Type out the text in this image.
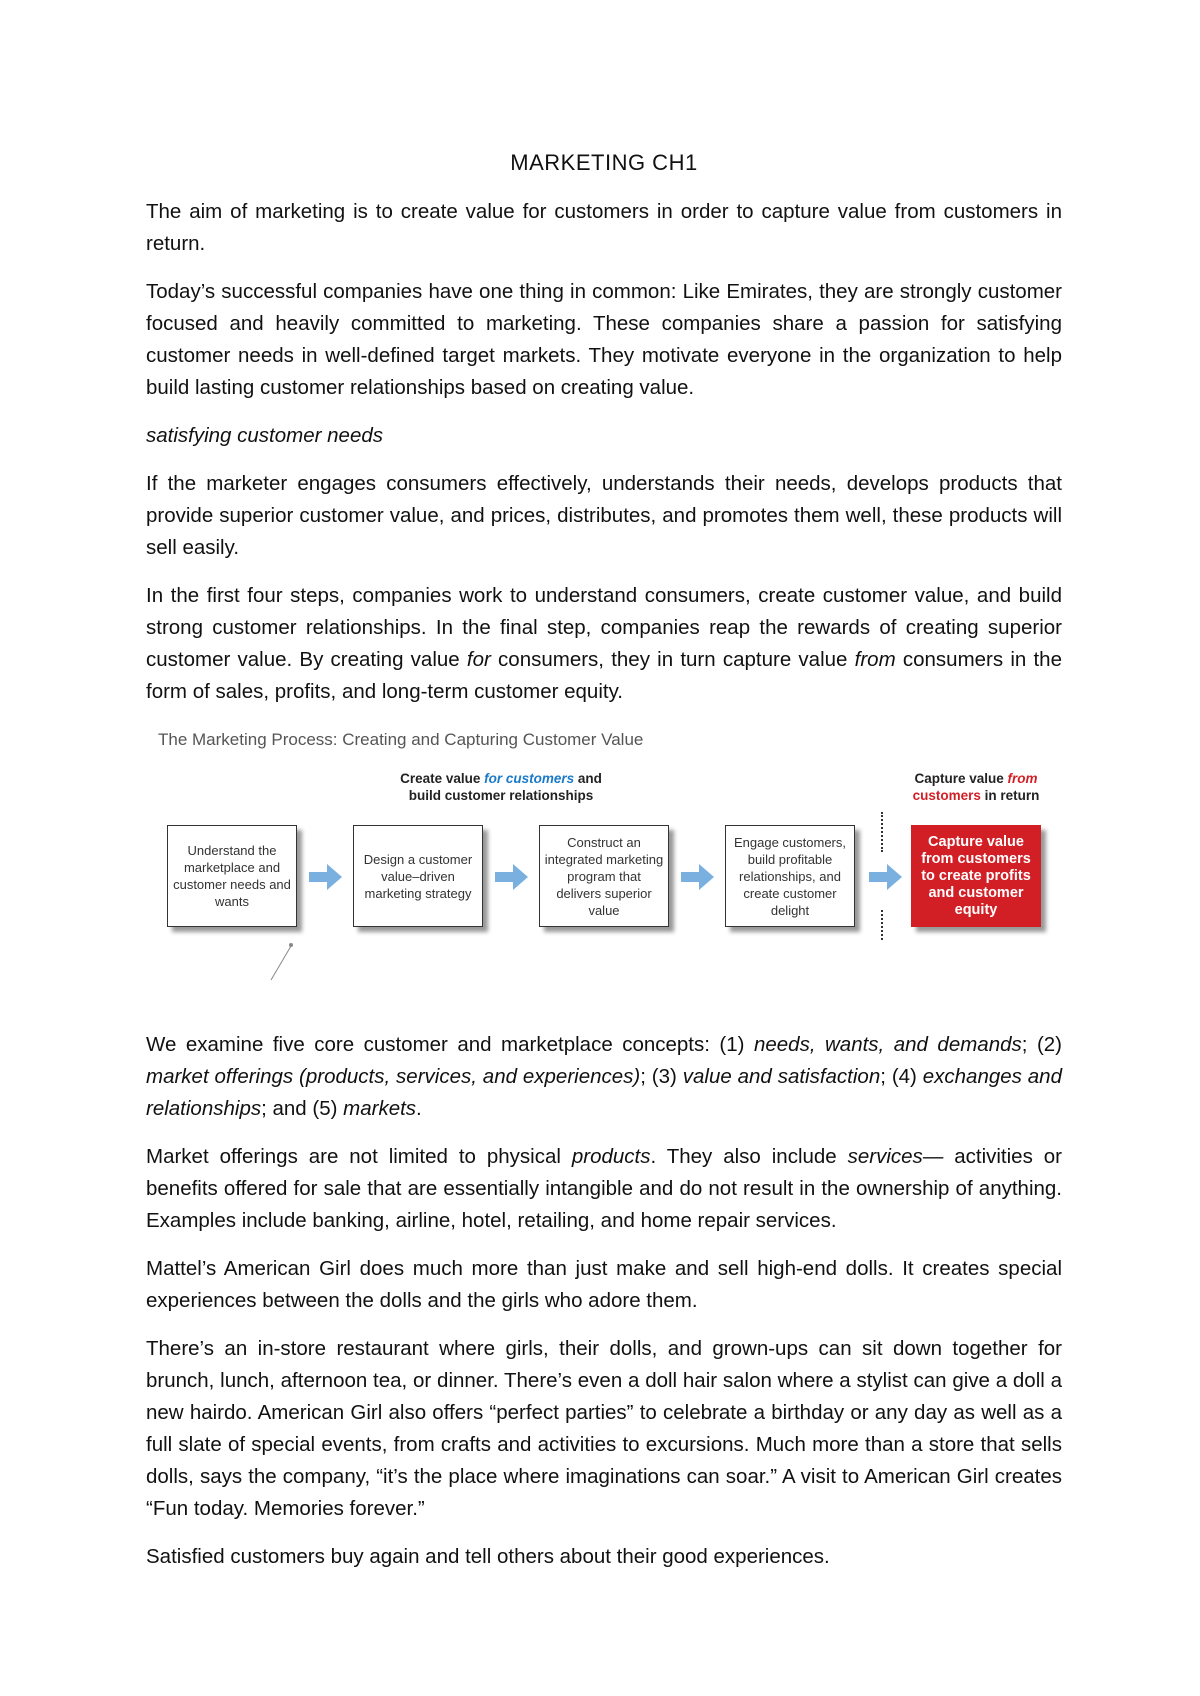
MARKETING CH1

The aim of marketing is to create value for customers in order to capture value from customers in return.

Today’s successful companies have one thing in common: Like Emirates, they are strongly customer focused and heavily committed to marketing. These companies share a passion for satisfying customer needs in well-defined target markets. They motivate everyone in the organization to help build lasting customer relationships based on creating value.

satisfying customer needs

If the marketer engages consumers effectively, understands their needs, develops products that provide superior customer value, and prices, distributes, and promotes them well, these products will sell easily.

In the first four steps, companies work to understand consumers, create customer value, and build strong customer relationships. In the final step, companies reap the rewards of creating superior customer value. By creating value for consumers, they in turn capture value from consumers in the form of sales, profits, and long-term customer equity.

The Marketing Process: Creating and Capturing Customer Value
Create value for customers and
build customer relationships
Capture value from
customers in return
Understand the marketplace and customer needs and wants
Design a customer value–driven marketing strategy
Construct an integrated marketing program that delivers superior value
Engage customers, build profitable relationships, and create customer delight
Capture value from customers to create profits and customer equity

We examine five core customer and marketplace concepts: (1) needs, wants, and demands; (2) market offerings (products, services, and experiences); (3) value and satisfaction; (4) exchanges and relationships; and (5) markets.

Market offerings are not limited to physical products. They also include services— activities or benefits offered for sale that are essentially intangible and do not result in the ownership of anything. Examples include banking, airline, hotel, retailing, and home repair services.

Mattel’s American Girl does much more than just make and sell high-end dolls. It creates special experiences between the dolls and the girls who adore them.

There’s an in-store restaurant where girls, their dolls, and grown-ups can sit down together for brunch, lunch, afternoon tea, or dinner. There’s even a doll hair salon where a stylist can give a doll a new hairdo. American Girl also offers “perfect parties” to celebrate a birthday or any day as well as a full slate of special events, from crafts and activities to excursions. Much more than a store that sells dolls, says the company, “it’s the place where imaginations can soar.” A visit to American Girl creates “Fun today. Memories forever.”

Satisfied customers buy again and tell others about their good experiences.
